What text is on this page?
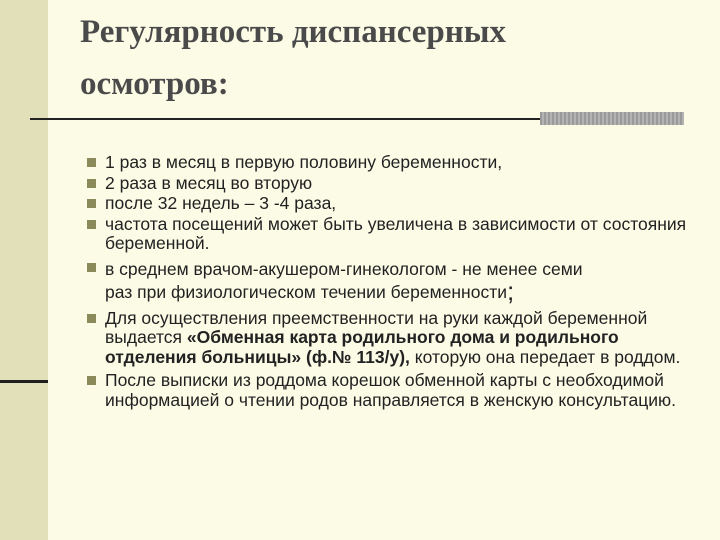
Регулярность диспансерных
осмотров:
1 раз в месяц в первую половину беременности,
2 раза в месяц во вторую
после 32 недель – 3 -4 раза,
частота посещений может быть увеличена в зависимости от состояния беременной.
в среднем врачом-акушером-гинекологом - не менее семи
раз при физиологическом течении беременности;
Для осуществления преемственности на руки каждой беременной выдается «Обменная карта родильного дома и родильного отделения больницы» (ф.№ 113/у), которую она передает в роддом.
После выписки из роддома корешок обменной карты с необходимой информацией о чтении родов направляется в женскую консультацию.
